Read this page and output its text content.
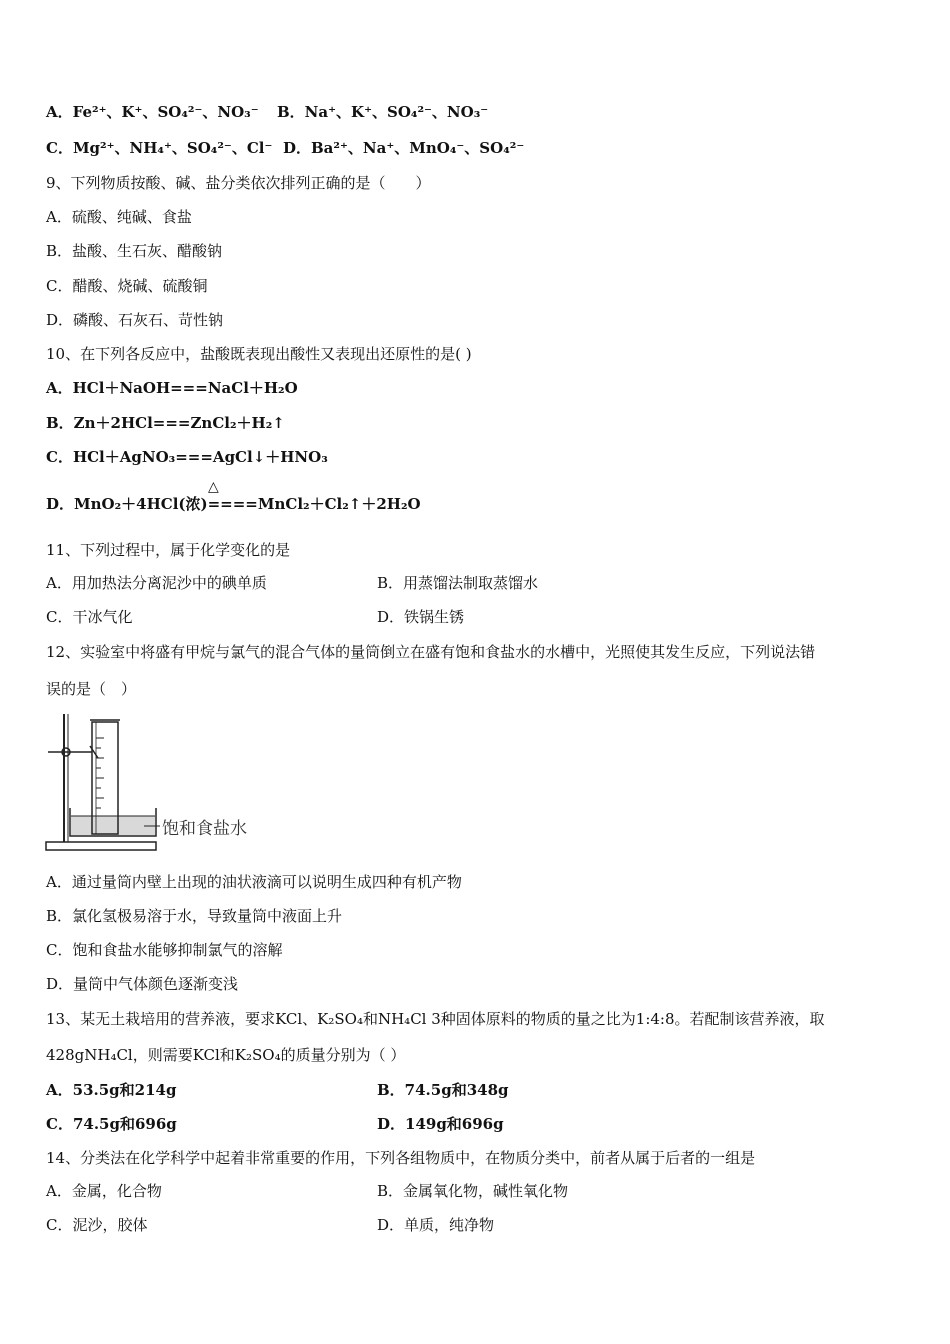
A．Fe²⁺、K⁺、SO₄²⁻、NO₃⁻ B．Na⁺、K⁺、SO₄²⁻、NO₃⁻
C．Mg²⁺、NH₄⁺、SO₄²⁻、Cl⁻ D．Ba²⁺、Na⁺、MnO₄⁻、SO₄²⁻
9、下列物质按酸、碱、盐分类依次排列正确的是（　　）
A．硫酸、纯碱、食盐
B．盐酸、生石灰、醋酸钠
C．醋酸、烧碱、硫酸铜
D．磷酸、石灰石、苛性钠
10、在下列各反应中，盐酸既表现出酸性又表现出还原性的是( )
A．HCl＋NaOH===NaCl＋H₂O
B．Zn＋2HCl===ZnCl₂＋H₂↑
C．HCl＋AgNO₃===AgCl↓＋HNO₃
△
D．MnO₂＋4HCl(浓)====MnCl₂＋Cl₂↑＋2H₂O
11、下列过程中，属于化学变化的是
A．用加热法分离泥沙中的碘单质	B．用蒸馏法制取蒸馏水
C．干冰气化	D．铁锅生锈
12、实验室中将盛有甲烷与氯气的混合气体的量筒倒立在盛有饱和食盐水的水槽中，光照使其发生反应，下列说法错
误的是（　）
饱和食盐水
A．通过量筒内壁上出现的油状液滴可以说明生成四种有机产物
B．氯化氢极易溶于水，导致量筒中液面上升
C．饱和食盐水能够抑制氯气的溶解
D．量筒中气体颜色逐渐变浅
13、某无土栽培用的营养液，要求KCl、K₂SO₄和NH₄Cl 3种固体原料的物质的量之比为1:4:8。若配制该营养液，取
428gNH₄Cl，则需要KCl和K₂SO₄的质量分别为（ ）
A．53.5g和214g	B．74.5g和348g
C．74.5g和696g	D．149g和696g
14、分类法在化学科学中起着非常重要的作用，下列各组物质中，在物质分类中，前者从属于后者的一组是
A．金属，化合物	B．金属氧化物，碱性氧化物
C．泥沙，胶体	D．单质，纯净物
